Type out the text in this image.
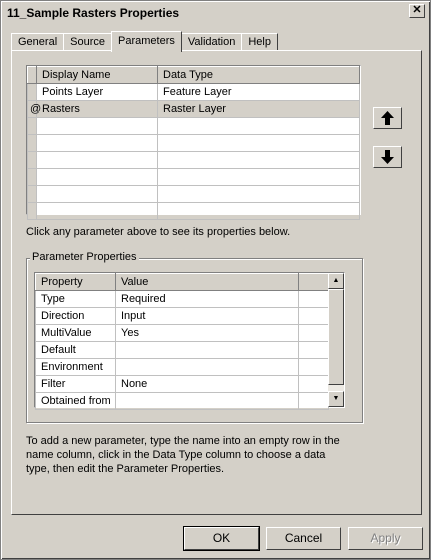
11_Sample Rasters Properties	✕
General	Source	Parameters	Validation	Help
	Display Name	Data Type
	Points Layer	Feature Layer
@	Rasters	Raster Layer

Click any parameter above to see its properties below.
Parameter Properties
Property	Value	
Type	Required	
Direction	Input	
MultiValue	Yes	
Default		
Environment		
Filter	None	
Obtained from		
▲
▼
To add a new parameter, type the name into an empty row in the name column, click in the Data Type column to choose a data type, then edit the Parameter Properties.
OK	Cancel	Apply
